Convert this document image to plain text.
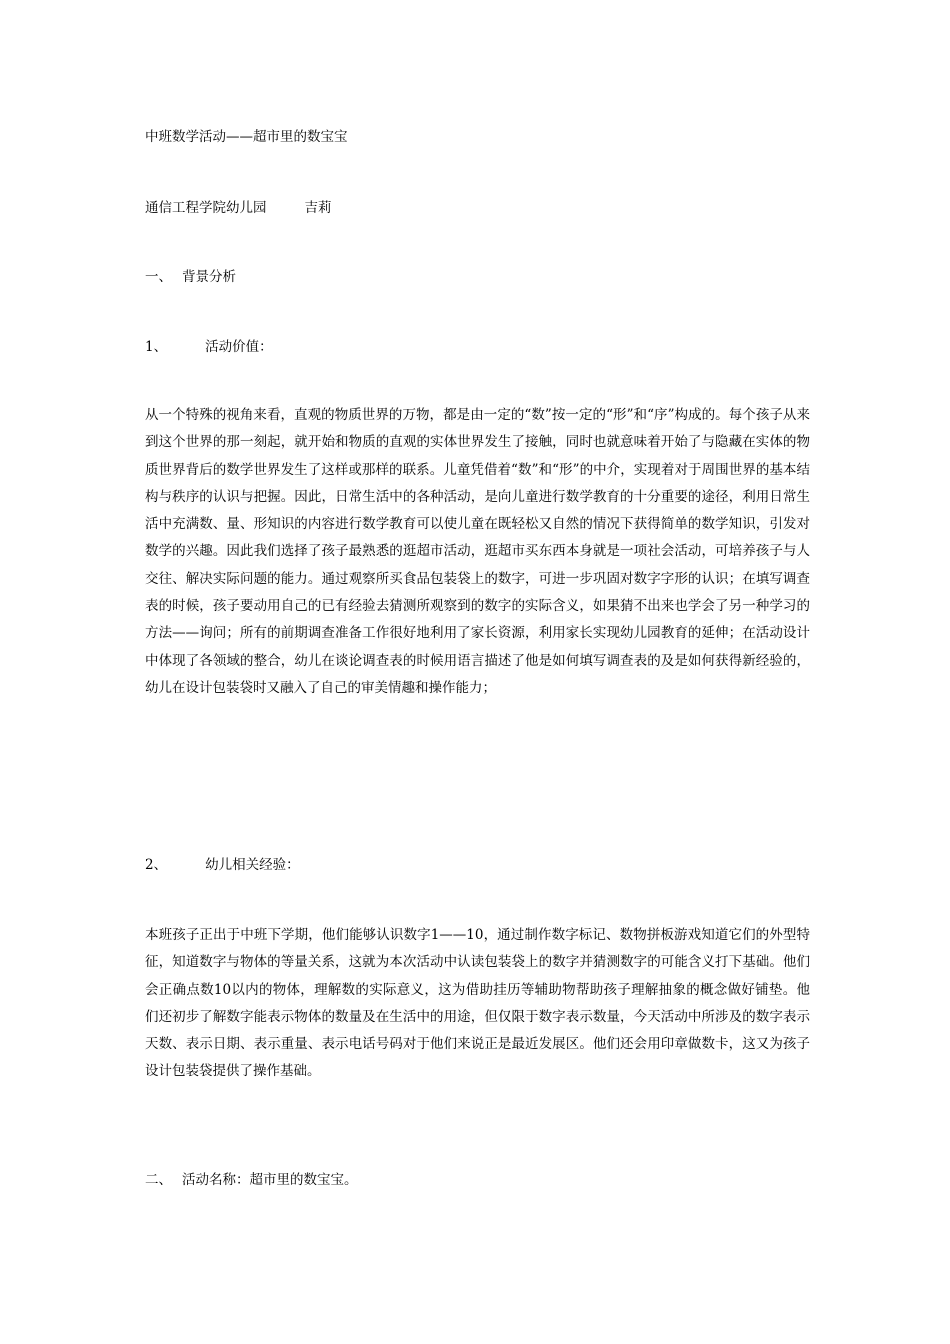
中班数学活动——超市里的数宝宝
通信工程学院幼儿园	吉莉
一、 背景分析
1、	活动价值：
从一个特殊的视角来看，直观的物质世界的万物，都是由一定的“数”按一定的“形”和“序”构成的。每个孩子从来到这个世界的那一刻起，就开始和物质的直观的实体世界发生了接触，同时也就意味着开始了与隐藏在实体的物质世界背后的数学世界发生了这样或那样的联系。儿童凭借着“数”和“形”的中介，实现着对于周围世界的基本结构与秩序的认识与把握。因此，日常生活中的各种活动，是向儿童进行数学教育的十分重要的途径，利用日常生活中充满数、量、形知识的内容进行数学教育可以使儿童在既轻松又自然的情况下获得简单的数学知识，引发对数学的兴趣。因此我们选择了孩子最熟悉的逛超市活动，逛超市买东西本身就是一项社会活动，可培养孩子与人交往、解决实际问题的能力。通过观察所买食品包装袋上的数字，可进一步巩固对数字字形的认识；在填写调查表的时候，孩子要动用自己的已有经验去猜测所观察到的数字的实际含义，如果猜不出来也学会了另一种学习的方法——询问；所有的前期调查准备工作很好地利用了家长资源，利用家长实现幼儿园教育的延伸；在活动设计中体现了各领域的整合，幼儿在谈论调查表的时候用语言描述了他是如何填写调查表的及是如何获得新经验的，幼儿在设计包装袋时又融入了自己的审美情趣和操作能力；
2、	幼儿相关经验：
本班孩子正出于中班下学期，他们能够认识数字1——10，通过制作数字标记、数物拼板游戏知道它们的外型特征，知道数字与物体的等量关系，这就为本次活动中认读包装袋上的数字并猜测数字的可能含义打下基础。他们会正确点数10以内的物体，理解数的实际意义，这为借助挂历等辅助物帮助孩子理解抽象的概念做好铺垫。他们还初步了解数字能表示物体的数量及在生活中的用途，但仅限于数字表示数量，今天活动中所涉及的数字表示天数、表示日期、表示重量、表示电话号码对于他们来说正是最近发展区。他们还会用印章做数卡，这又为孩子设计包装袋提供了操作基础。
二、 活动名称：超市里的数宝宝。
